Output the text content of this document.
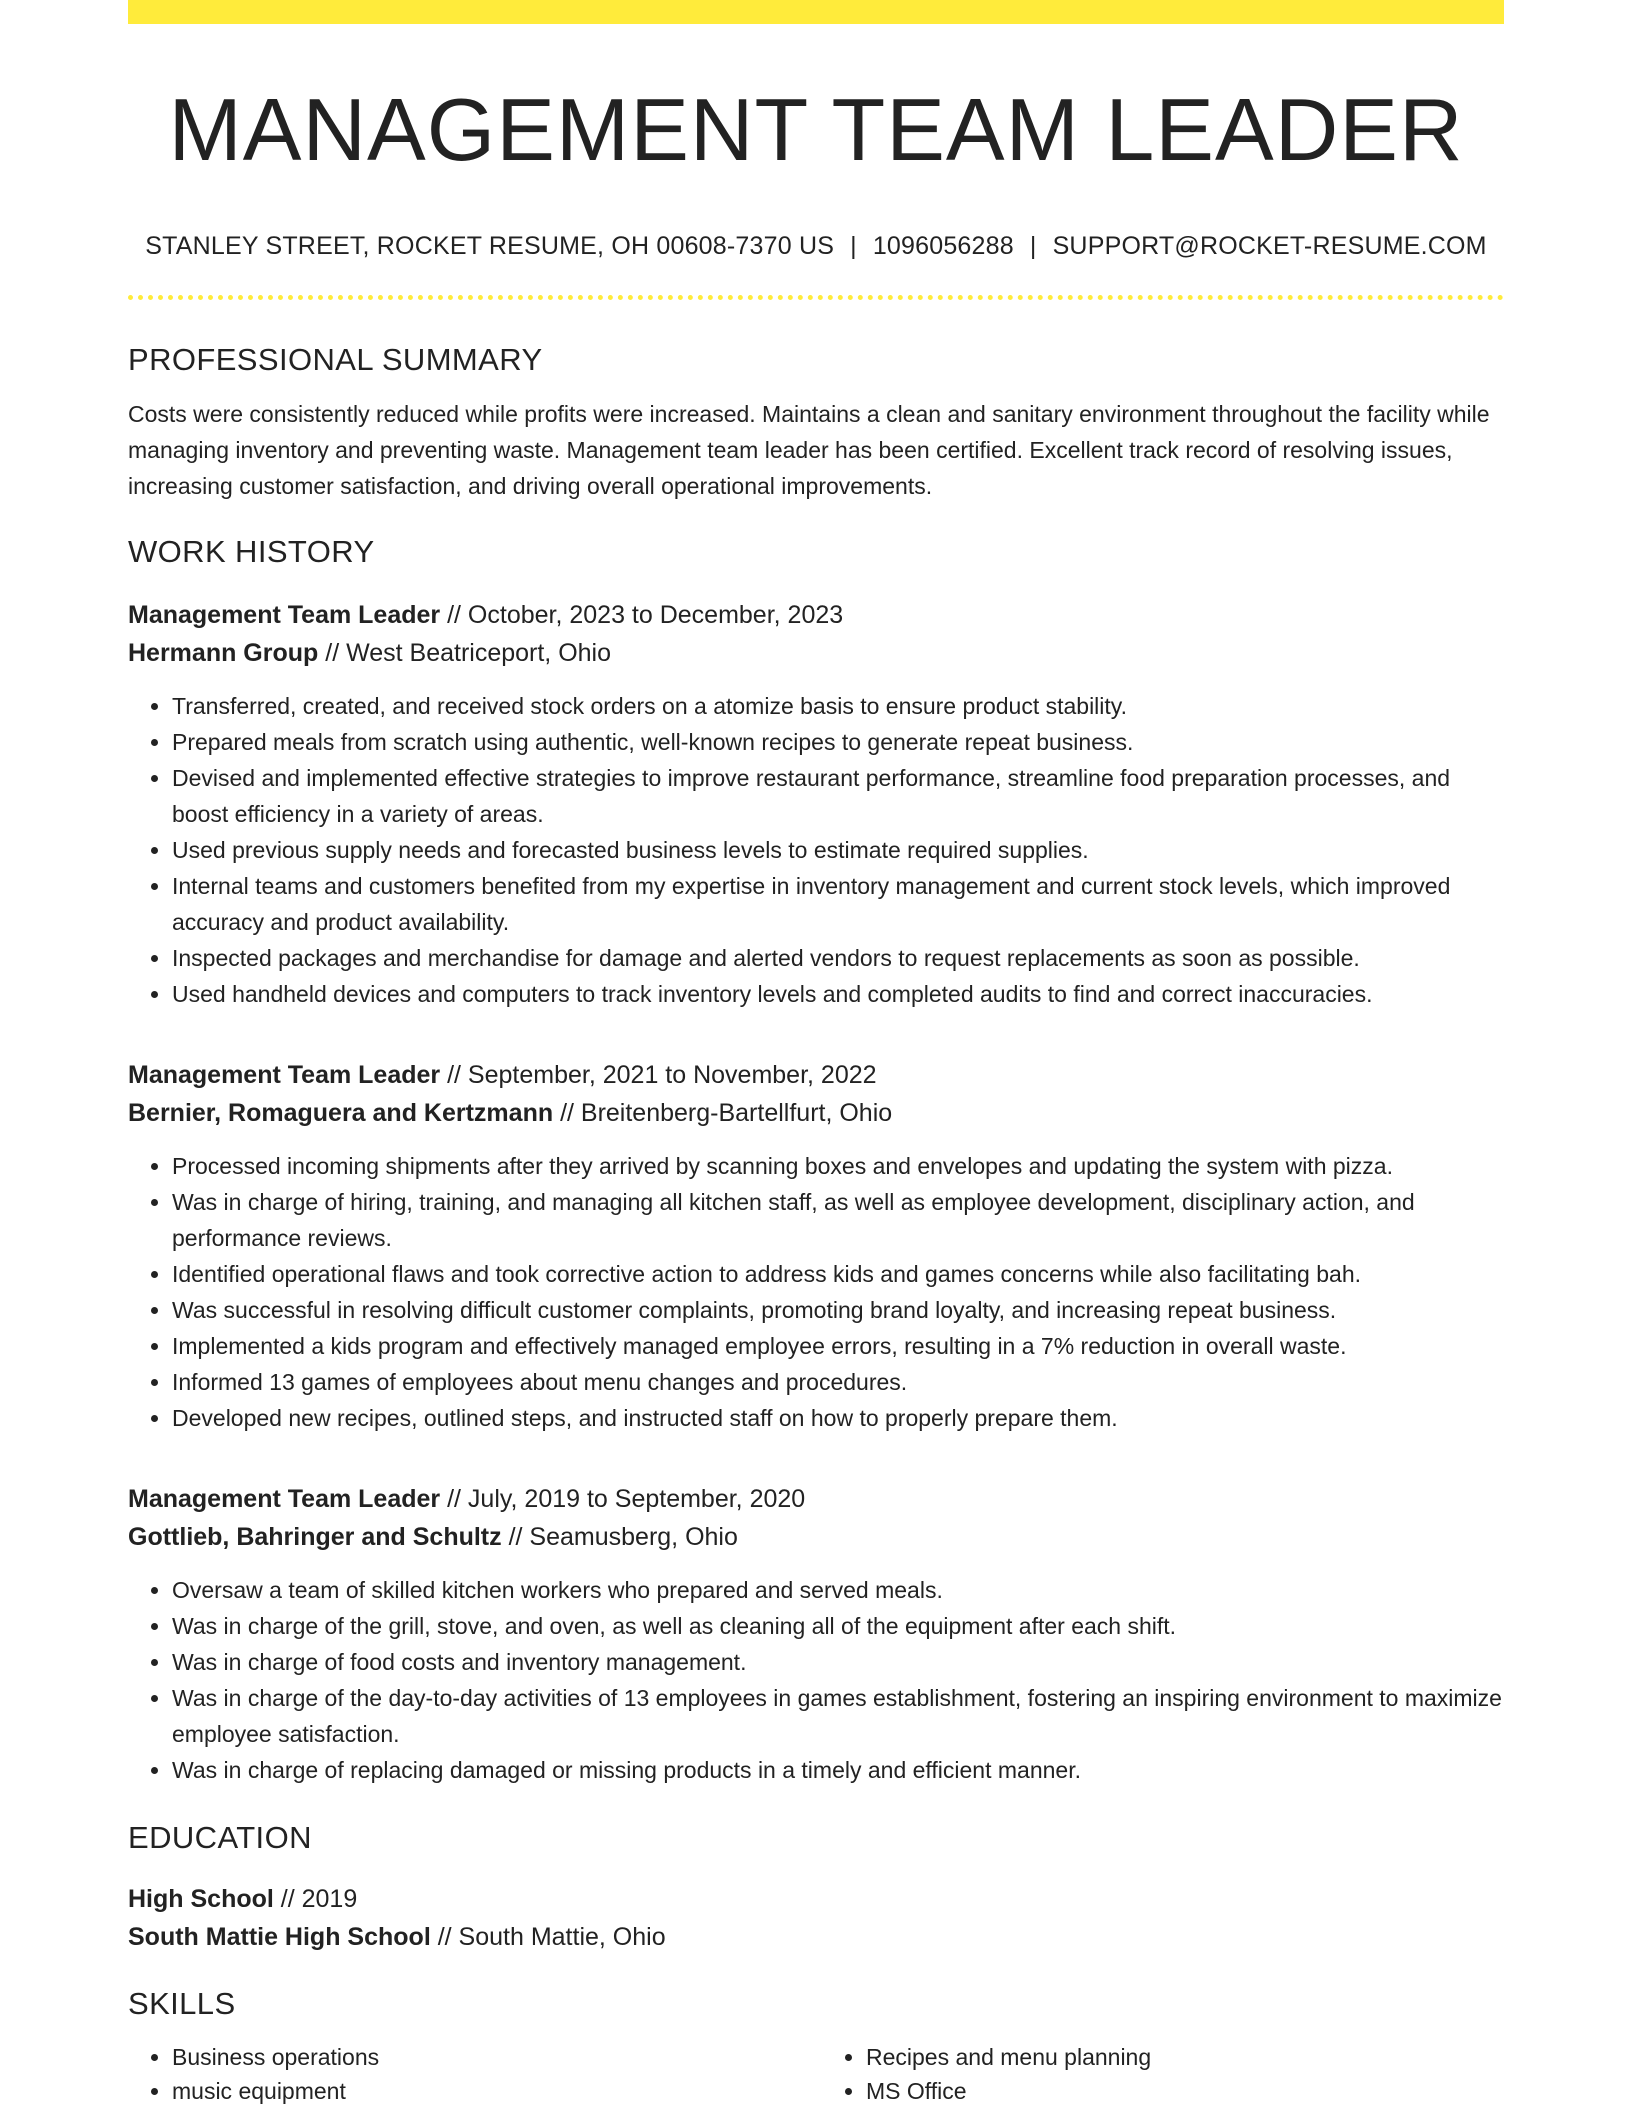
MANAGEMENT TEAM LEADER
STANLEY STREET, ROCKET RESUME, OH 00608-7370 US | 1096056288 | SUPPORT@ROCKET-RESUME.COM
PROFESSIONAL SUMMARY
Costs were consistently reduced while profits were increased. Maintains a clean and sanitary environment throughout the facility while managing inventory and preventing waste. Management team leader has been certified. Excellent track record of resolving issues, increasing customer satisfaction, and driving overall operational improvements.
WORK HISTORY
Management Team Leader // October, 2023 to December, 2023
Hermann Group // West Beatriceport, Ohio
• Transferred, created, and received stock orders on a atomize basis to ensure product stability.
• Prepared meals from scratch using authentic, well-known recipes to generate repeat business.
• Devised and implemented effective strategies to improve restaurant performance, streamline food preparation processes, and boost efficiency in a variety of areas.
• Used previous supply needs and forecasted business levels to estimate required supplies.
• Internal teams and customers benefited from my expertise in inventory management and current stock levels, which improved accuracy and product availability.
• Inspected packages and merchandise for damage and alerted vendors to request replacements as soon as possible.
• Used handheld devices and computers to track inventory levels and completed audits to find and correct inaccuracies.
Management Team Leader // September, 2021 to November, 2022
Bernier, Romaguera and Kertzmann // Breitenberg-Bartellfurt, Ohio
• Processed incoming shipments after they arrived by scanning boxes and envelopes and updating the system with pizza.
• Was in charge of hiring, training, and managing all kitchen staff, as well as employee development, disciplinary action, and performance reviews.
• Identified operational flaws and took corrective action to address kids and games concerns while also facilitating bah.
• Was successful in resolving difficult customer complaints, promoting brand loyalty, and increasing repeat business.
• Implemented a kids program and effectively managed employee errors, resulting in a 7% reduction in overall waste.
• Informed 13 games of employees about menu changes and procedures.
• Developed new recipes, outlined steps, and instructed staff on how to properly prepare them.
Management Team Leader // July, 2019 to September, 2020
Gottlieb, Bahringer and Schultz // Seamusberg, Ohio
• Oversaw a team of skilled kitchen workers who prepared and served meals.
• Was in charge of the grill, stove, and oven, as well as cleaning all of the equipment after each shift.
• Was in charge of food costs and inventory management.
• Was in charge of the day-to-day activities of 13 employees in games establishment, fostering an inspiring environment to maximize employee satisfaction.
• Was in charge of replacing damaged or missing products in a timely and efficient manner.
EDUCATION
High School // 2019
South Mattie High School // South Mattie, Ohio
SKILLS
• Business operations
• music equipment
• Recipes and menu planning
• MS Office
